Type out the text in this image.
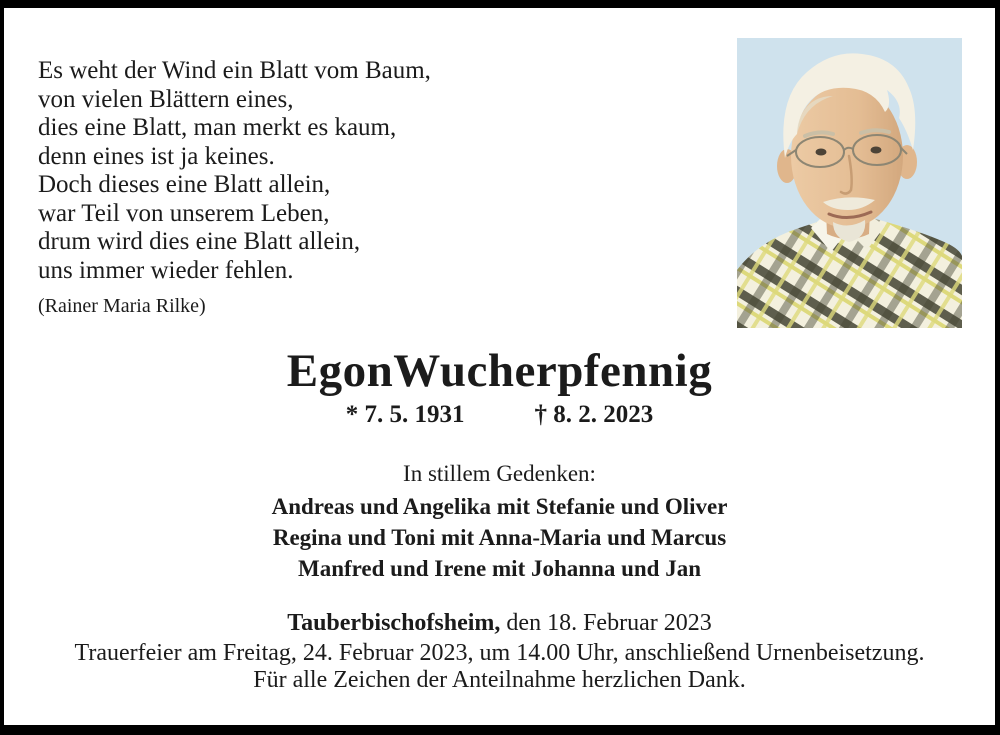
Es weht der Wind ein Blatt vom Baum,
von vielen Blättern eines,
dies eine Blatt, man merkt es kaum,
denn eines ist ja keines.
Doch dieses eine Blatt allein,
war Teil von unserem Leben,
drum wird dies eine Blatt allein,
uns immer wieder fehlen.
(Rainer Maria Rilke)
EgonWucherpfennig
* 7. 5. 1931	† 8. 2. 2023
In stillem Gedenken:
Andreas und Angelika mit Stefanie und Oliver
Regina und Toni mit Anna-Maria und Marcus
Manfred und Irene mit Johanna und Jan
Tauberbischofsheim, den 18. Februar 2023
Trauerfeier am Freitag, 24. Februar 2023, um 14.00 Uhr, anschließend Urnenbeisetzung.
Für alle Zeichen der Anteilnahme herzlichen Dank.
